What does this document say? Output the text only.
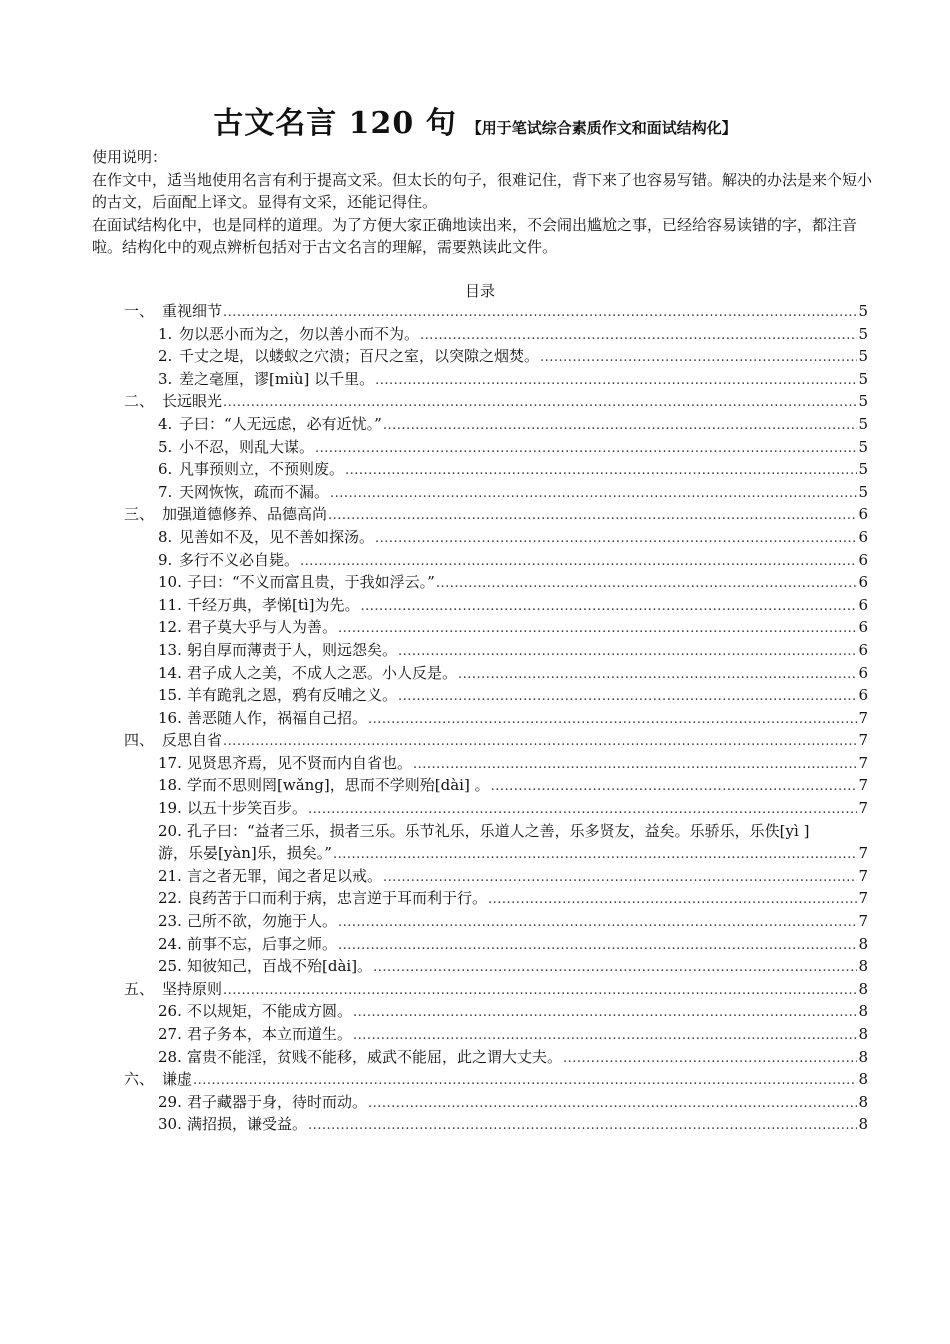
古文名言 120 句 【用于笔试综合素质作文和面试结构化】

使用说明：

在作文中，适当地使用名言有利于提高文采。但太长的句子，很难记住，背下来了也容易写错。解决的办法是来个短小的古文，后面配上译文。显得有文采，还能记得住。

在面试结构化中，也是同样的道理。为了方便大家正确地读出来，不会闹出尴尬之事，已经给容易读错的字，都注音啦。结构化中的观点辨析包括对于古文名言的理解，需要熟读此文件。

目录
一、 重视细节 .....	5
1. 勿以恶小而为之，勿以善小而不为。 .....	5
2. 千丈之堤，以蝼蚁之穴溃；百尺之室，以突隙之烟焚。 .....	5
3. 差之毫厘，谬[miù] 以千里。 .....	5
二、 长远眼光 .....	5
4. 子曰：“人无远虑，必有近忧。” .....	5
5. 小不忍，则乱大谋。 .....	5
6. 凡事预则立，不预则废。 .....	5
7. 天网恢恢，疏而不漏。 .....	5
三、 加强道德修养、品德高尚 .....	6
8. 见善如不及，见不善如探汤。 .....	6
9. 多行不义必自毙。 .....	6
10. 子曰：“不义而富且贵，于我如浮云。” .....	6
11. 千经万典，孝悌[tì]为先。 .....	6
12. 君子莫大乎与人为善。 .....	6
13. 躬自厚而薄责于人，则远怨矣。 .....	6
14. 君子成人之美，不成人之恶。小人反是。 .....	6
15. 羊有跪乳之恩，鸦有反哺之义。 .....	6
16. 善恶随人作，祸福自己招。 .....	7
四、 反思自省 .....	7
17. 见贤思齐焉，见不贤而内自省也。 .....	7
18. 学而不思则罔[wǎng]，思而不学则殆[dài] 。 .....	7
19. 以五十步笑百步。 .....	7
20. 孔子曰：“益者三乐，损者三乐。乐节礼乐，乐道人之善，乐多贤友，益矣。乐骄乐，乐佚[yì ]
游，乐晏[yàn]乐，损矣。” .....	7
21. 言之者无罪，闻之者足以戒。 .....	7
22. 良药苦于口而利于病，忠言逆于耳而利于行。 .....	7
23. 己所不欲，勿施于人。 .....	7
24. 前事不忘，后事之师。 .....	8
25. 知彼知己，百战不殆[dài]。 .....	8
五、 坚持原则 .....	8
26. 不以规矩，不能成方圆。 .....	8
27. 君子务本，本立而道生。 .....	8
28. 富贵不能淫，贫贱不能移，威武不能屈，此之谓大丈夫。 .....	8
六、 谦虚 .....	8
29. 君子藏器于身，待时而动。 .....	8
30. 满招损，谦受益。 .....	8
